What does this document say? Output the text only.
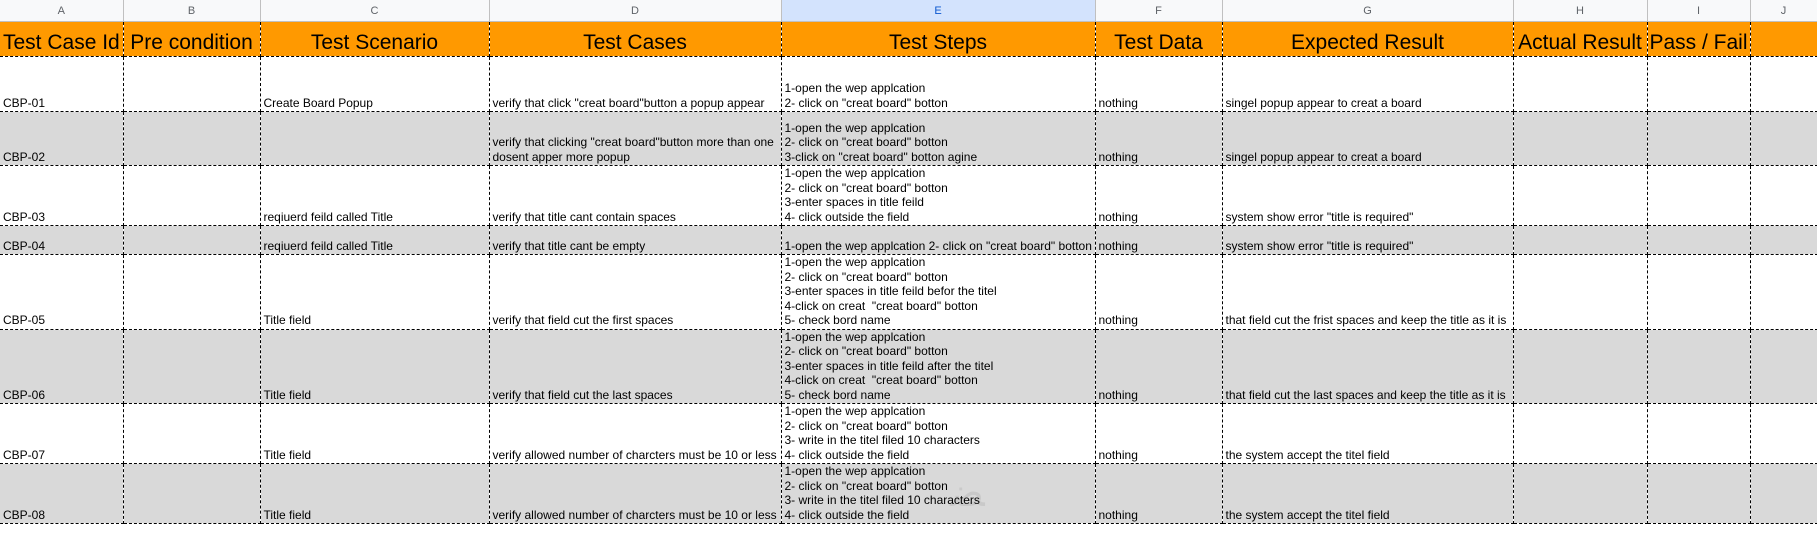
A	B	C	D	E	F	G	H	I	J
Test Case Id	Pre condition	Test Scenario	Test Cases	Test Steps	Test Data	Expected Result	Actual Result	Pass / Fail	
CBP-01		Create Board Popup	verify that click "creat board"button a popup appear	1-open the wep applcation
2- click on "creat board" botton	nothing	singel popup appear to creat a board			
CBP-02			verify that clicking "creat board"button more than one dosent apper more popup	1-open the wep applcation
2- click on "creat board" botton
3-click on "creat board" botton agine	nothing	singel popup appear to creat a board			
CBP-03		reqiuerd feild called Title	verify that title cant contain spaces	1-open the wep applcation
2- click on "creat board" botton
3-enter spaces in title feild
4- click outside the field	nothing	system show error "title is required"			
CBP-04		reqiuerd feild called Title	verify that title cant be empty	1-open the wep applcation 2- click on "creat board" botton	nothing	system show error "title is required"			
CBP-05		Title field	verify that field cut the first spaces	1-open the wep applcation
2- click on "creat board" botton
3-enter spaces in title feild befor the titel
4-click on creat  "creat board" botton
5- check bord name	nothing	that field cut the frist spaces and keep the title as it is			
CBP-06		Title field	verify that field cut the last spaces	1-open the wep applcation
2- click on "creat board" botton
3-enter spaces in title feild after the titel
4-click on creat  "creat board" botton
5- check bord name	nothing	that field cut the last spaces and keep the title as it is			
CBP-07		Title field	verify allowed number of charcters must be 10 or less	1-open the wep applcation
2- click on "creat board" botton
3- write in the titel filed 10 characters
4- click outside the field	nothing	the system accept the titel field			
CBP-08		Title field	verify allowed number of charcters must be 10 or less	1-open the wep applcation
2- click on "creat board" botton
3- write in the titel filed 10 characters
4- click outside the field	nothing	the system accept the titel field			
